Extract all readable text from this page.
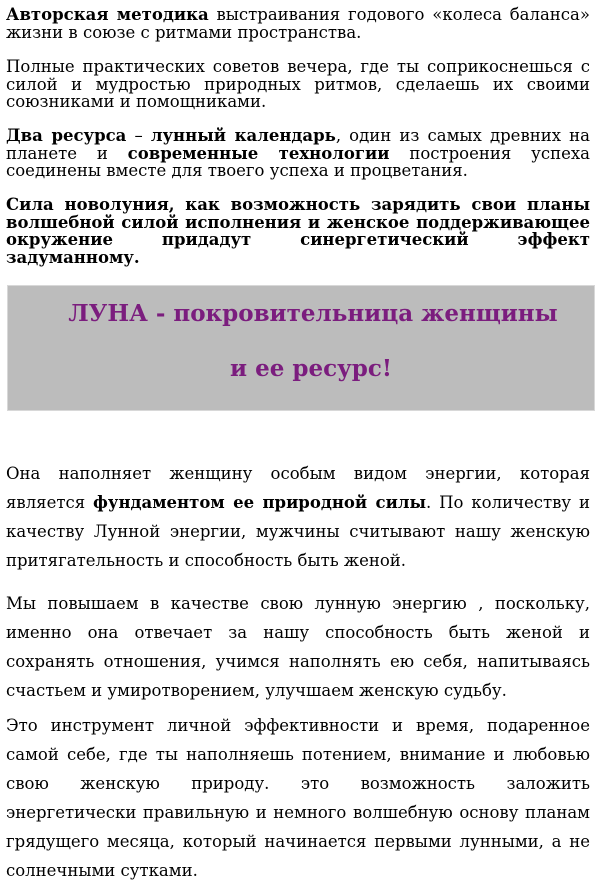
Авторская методика выстраивания годового «колеса баланса» жизни в союзе с ритмами пространства.

Полные практических советов вечера, где ты соприкоснешься с силой и мудростью природных ритмов, сделаешь их своими союзниками и помощниками.

Два ресурса – лунный календарь, один из самых древних на планете и современные технологии построения успеха соединены вместе для твоего успеха и процветания.

Сила новолуния, как возможность зарядить свои планы волшебной силой исполнения и женское поддерживающее окружение придадут синергетический эффект задуманному.

ЛУНА - покровительница женщины
и ее ресурс!

Она наполняет женщину особым видом энергии, которая является фундаментом ее природной силы. По количеству и качеству Лунной энергии, мужчины считывают нашу женскую притягательность и способность быть женой.

Мы повышаем в качестве свою лунную энергию , поскольку, именно она отвечает за нашу способность быть женой и сохранять отношения, учимся наполнять ею себя, напитываясь счастьем и умиротворением, улучшаем женскую судьбу.

Это инструмент личной эффективности и время, подаренное самой себе, где ты наполняешь потением, внимание и любовью свою женскую природу. это возможность заложить энергетически правильную и немного волшебную основу планам грядущего месяца, который начинается первыми лунными, а не солнечными сутками.
